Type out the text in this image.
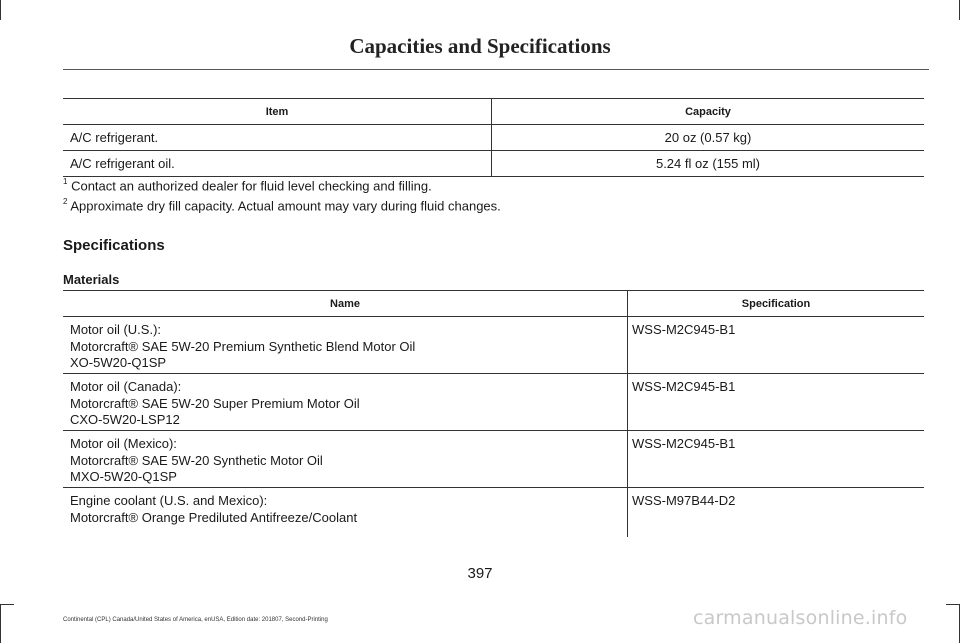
Capacities and Specifications
Item	Capacity
A/C refrigerant.	20 oz (0.57 kg)
A/C refrigerant oil.	5.24 fl oz (155 ml)
$^1$ Contact an authorized dealer for fluid level checking and filling.
$^2$ Approximate dry fill capacity. Actual amount may vary during fluid changes.
Specifications
Materials
Name	Specification

Motor oil (U.S.):
Motorcraft® SAE 5W-20 Premium Synthetic Blend Motor Oil
XO-5W20-Q1SP	WSS-M2C945-B1

Motor oil (Canada):
Motorcraft® SAE 5W-20 Super Premium Motor Oil
CXO-5W20-LSP12	WSS-M2C945-B1

Motor oil (Mexico):
Motorcraft® SAE 5W-20 Synthetic Motor Oil
MXO-5W20-Q1SP	WSS-M2C945-B1

Engine coolant (U.S. and Mexico):
Motorcraft® Orange Prediluted Antifreeze/Coolant	WSS-M97B44-D2
397
Continental (CPL) Canada/United States of America, enUSA, Edition date: 201807, Second-Printing	carmanualsonline.info
